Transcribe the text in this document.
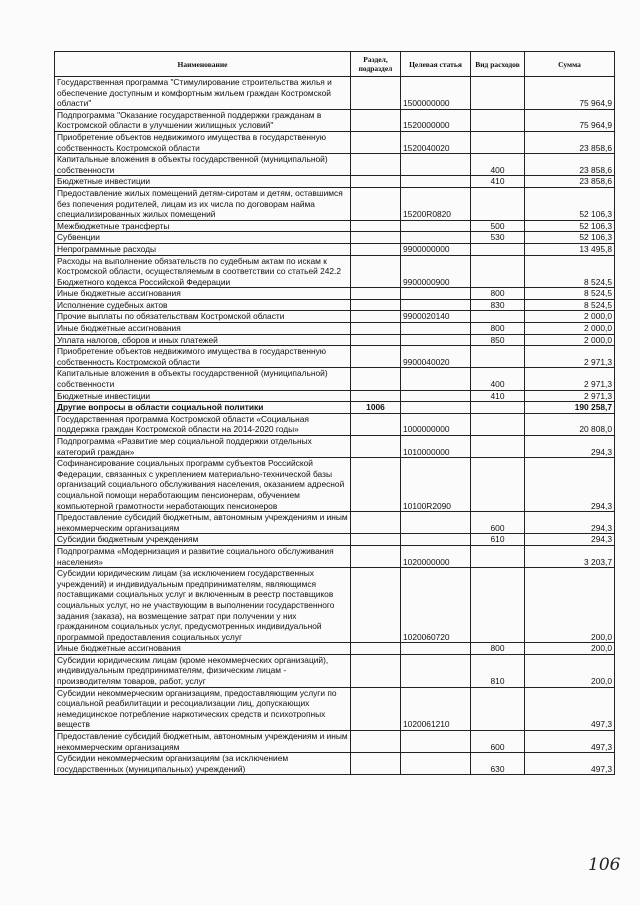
Наименование	Раздел, подраздел	Целевая статья	Вид расходов	Сумма
Государственная программа "Стимулирование строительства жилья и обеспечение доступным и комфортным жильем граждан Костромской области"		1500000000		75 964,9
Подпрограмма "Оказание государственной поддержки гражданам в Костромской области в улучшении жилищных условий"		1520000000		75 964,9
Приобретение объектов недвижимого имущества в государственную собственность Костромской области		1520040020		23 858,6
Капитальные вложения в объекты государственной (муниципальной) собственности			400	23 858,6
Бюджетные инвестиции			410	23 858,6
Предоставление жилых помещений детям-сиротам и детям, оставшимся без попечения родителей, лицам из их числа по договорам найма специализированных жилых помещений		15200R0820		52 106,3
Межбюджетные трансферты			500	52 106,3
Субвенции			530	52 106,3
Непрограммные расходы		9900000000		13 495,8
Расходы на выполнение обязательств по судебным актам по искам к Костромской области, осуществляемым в соответствии со статьей 242.2 Бюджетного кодекса Российской Федерации		9900000900		8 524,5
Иные бюджетные ассигнования			800	8 524,5
Исполнение судебных актов			830	8 524,5
Прочие выплаты по обязательствам Костромской области		9900020140		2 000,0
Иные бюджетные ассигнования			800	2 000,0
Уплата налогов, сборов и иных платежей			850	2 000,0
Приобретение объектов недвижимого имущества в государственную собственность Костромской области		9900040020		2 971,3
Капитальные вложения в объекты государственной (муниципальной) собственности			400	2 971,3
Бюджетные инвестиции			410	2 971,3
Другие вопросы в области социальной политики	1006			190 258,7
Государственная программа Костромской области «Социальная поддержка граждан Костромской области на 2014-2020 годы»		1000000000		20 808,0
Подпрограмма «Развитие мер социальной поддержки отдельных категорий граждан»		1010000000		294,3
Софинансирование социальных программ субъектов Российской Федерации, связанных с укреплением материально-технической базы организаций социального обслуживания населения, оказанием адресной социальной помощи неработающим пенсионерам, обучением компьютерной грамотности неработающих пенсионеров		10100R2090		294,3
Предоставление субсидий бюджетным, автономным учреждениям и иным некоммерческим организациям			600	294,3
Субсидии бюджетным учреждениям			610	294,3
Подпрограмма «Модернизация и развитие социального обслуживания населения»		1020000000		3 203,7
Субсидии юридическим лицам (за исключением государственных учреждений) и индивидуальным предпринимателям, являющимся поставщиками социальных услуг и включенным в реестр поставщиков социальных услуг, но не участвующим в выполнении государственного задания (заказа), на возмещение затрат при получении у них гражданином социальных услуг, предусмотренных индивидуальной программой предоставления социальных услуг		1020060720		200,0
Иные бюджетные ассигнования			800	200,0
Субсидии юридическим лицам (кроме некоммерческих организаций), индивидуальным предпринимателям, физическим лицам - производителям товаров, работ, услуг			810	200,0
Субсидии некоммерческим организациям, предоставляющим услуги по социальной реабилитации и ресоциализации лиц, допускающих немедицинское потребление наркотических средств и психотропных веществ		1020061210		497,3
Предоставление субсидий бюджетным, автономным учреждениям и иным некоммерческим организациям			600	497,3
Субсидии некоммерческим организациям (за исключением государственных (муниципальных) учреждений)			630	497,3
106
